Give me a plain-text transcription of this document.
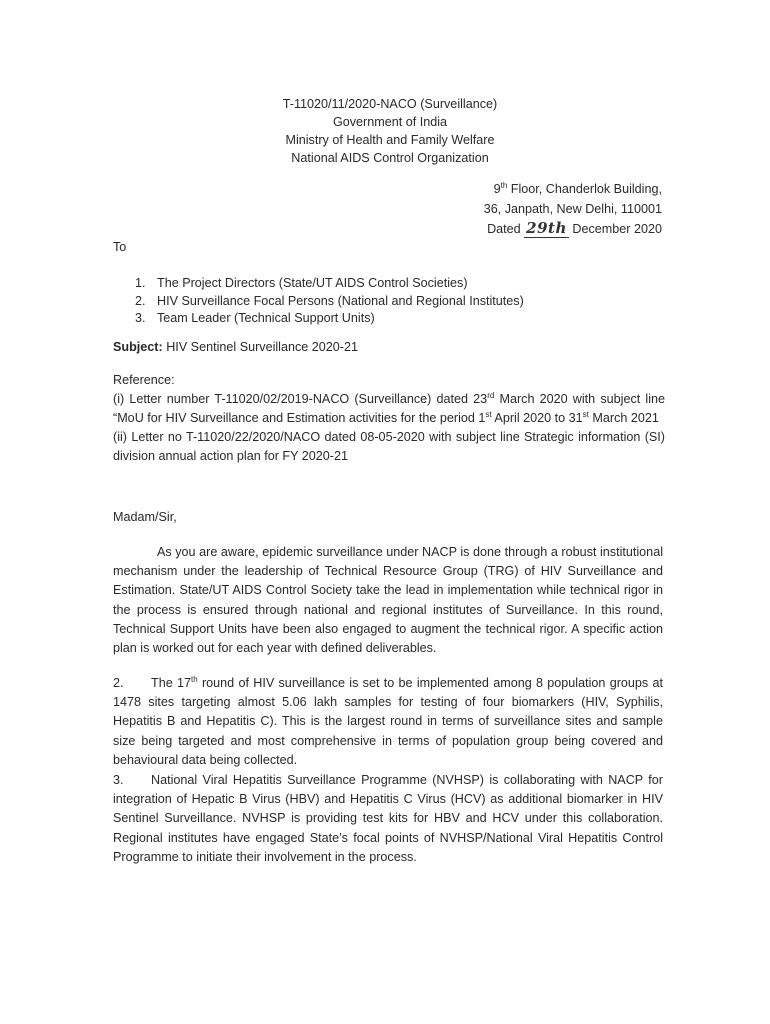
T-11020/11/2020-NACO (Surveillance)
Government of India
Ministry of Health and Family Welfare
National AIDS Control Organization
9th Floor, Chanderlok Building,
36, Janpath, New Delhi, 110001
Dated 29th December 2020
To
1. The Project Directors (State/UT AIDS Control Societies)
2. HIV Surveillance Focal Persons (National and Regional Institutes)
3. Team Leader (Technical Support Units)
Subject: HIV Sentinel Surveillance 2020-21

Reference:

(i) Letter number T-11020/02/2019-NACO (Surveillance) dated 23rd March 2020 with subject line “MoU for HIV Surveillance and Estimation activities for the period 1st April 2020 to 31st March 2021

(ii) Letter no T-11020/22/2020/NACO dated 08-05-2020 with subject line Strategic information (SI) division annual action plan for FY 2020-21

Madam/Sir,

As you are aware, epidemic surveillance under NACP is done through a robust institutional mechanism under the leadership of Technical Resource Group (TRG) of HIV Surveillance and Estimation. State/UT AIDS Control Society take the lead in implementation while technical rigor in the process is ensured through national and regional institutes of Surveillance. In this round, Technical Support Units have been also engaged to augment the technical rigor. A specific action plan is worked out for each year with defined deliverables.

2. The 17th round of HIV surveillance is set to be implemented among 8 population groups at 1478 sites targeting almost 5.06 lakh samples for testing of four biomarkers (HIV, Syphilis, Hepatitis B and Hepatitis C). This is the largest round in terms of surveillance sites and sample size being targeted and most comprehensive in terms of population group being covered and behavioural data being collected.

3. National Viral Hepatitis Surveillance Programme (NVHSP) is collaborating with NACP for integration of Hepatic B Virus (HBV) and Hepatitis C Virus (HCV) as additional biomarker in HIV Sentinel Surveillance. NVHSP is providing test kits for HBV and HCV under this collaboration. Regional institutes have engaged State’s focal points of NVHSP/National Viral Hepatitis Control Programme to initiate their involvement in the process.
